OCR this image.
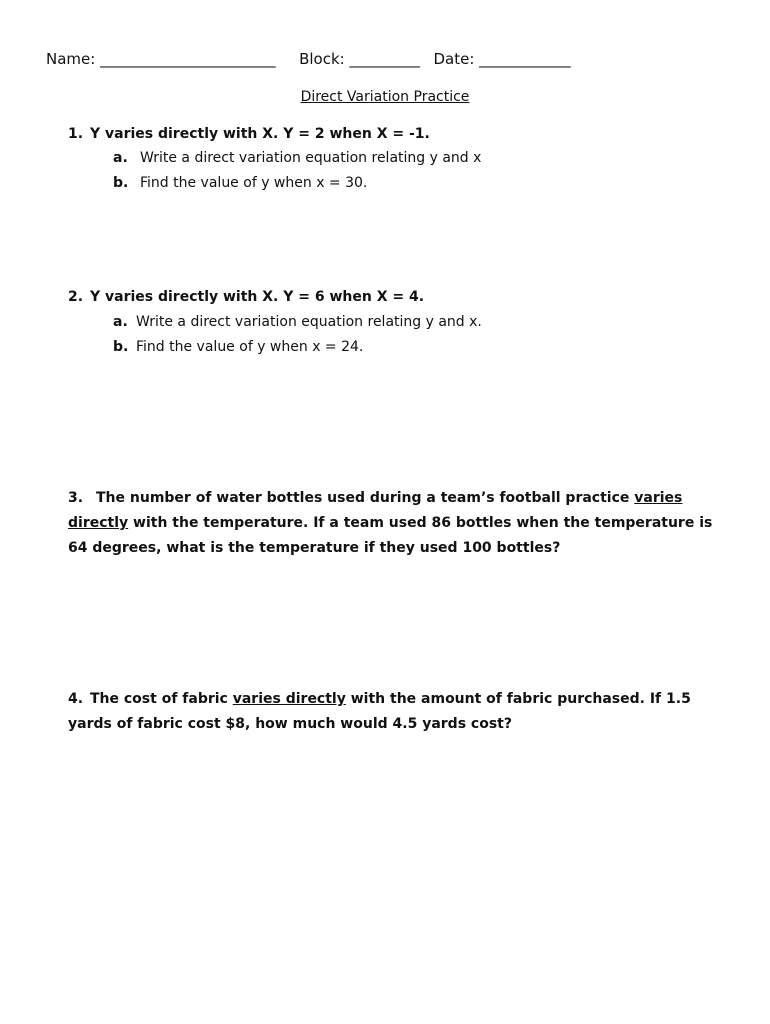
Name: _________________________ Block: __________ Date: _____________
Direct Variation Practice
1. Y varies directly with X. Y = 2 when X = -1.
a. Write a direct variation equation relating y and x
b. Find the value of y when x = 30.
2. Y varies directly with X. Y = 6 when X = 4.
a. Write a direct variation equation relating y and x.
b. Find the value of y when x = 24.
3. The number of water bottles used during a team’s football practice varies directly with the temperature. If a team used 86 bottles when the temperature is 64 degrees, what is the temperature if they used 100 bottles?
4. The cost of fabric varies directly with the amount of fabric purchased. If 1.5 yards of fabric cost $8, how much would 4.5 yards cost?
